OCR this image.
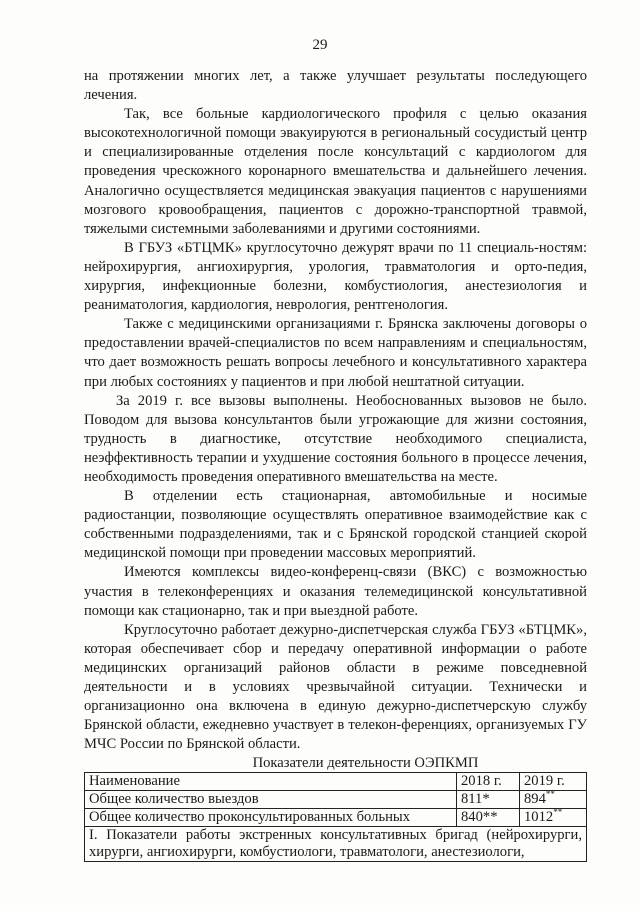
29

на протяжении многих лет, а также улучшает результаты последующего лечения.

Так, все больные кардиологического профиля с целью оказания высокотехнологичной помощи эвакуируются в региональный сосудистый центр и специализированные отделения после консультаций с кардиологом для проведения чрескожного коронарного вмешательства и дальнейшего лечения. Аналогично осуществляется медицинская эвакуация пациентов с нарушениями мозгового кровообращения, пациентов с дорожно-транспортной травмой, тяжелыми системными заболеваниями и другими состояниями.

В ГБУЗ «БТЦМК» круглосуточно дежурят врачи по 11 специаль-ностям: нейрохирургия, ангиохирургия, урология, травматология и орто-педия, хирургия, инфекционные болезни, комбустиология, анестезиология и реаниматология, кардиология, неврология, рентгенология.

Также с медицинскими организациями г. Брянска заключены договоры о предоставлении врачей-специалистов по всем направлениям и специальностям, что дает возможность решать вопросы лечебного и консультативного характера при любых состояниях у пациентов и при любой нештатной ситуации.

За 2019 г. все вызовы выполнены. Необоснованных вызовов не было. Поводом для вызова консультантов были угрожающие для жизни состояния, трудность в диагностике, отсутствие необходимого специалиста, неэффективность терапии и ухудшение состояния больного в процессе лечения, необходимость проведения оперативного вмешательства на месте.

В отделении есть стационарная, автомобильные и носимые радиостанции, позволяющие осуществлять оперативное взаимодействие как с собственными подразделениями, так и с Брянской городской станцией скорой медицинской помощи при проведении массовых мероприятий.

Имеются комплексы видео-конференц-связи (ВКС) с возможностью участия в телеконференциях и оказания телемедицинской консультативной помощи как стационарно, так и при выездной работе.

Круглосуточно работает дежурно-диспетчерская служба ГБУЗ «БТЦМК», которая обеспечивает сбор и передачу оперативной информации о работе медицинских организаций районов области в режиме повседневной деятельности и в условиях чрезвычайной ситуации. Технически и организационно она включена в единую дежурно-диспетчерскую службу Брянской области, ежедневно участвует в телекон-ференциях, организуемых ГУ МЧС России по Брянской области.

Показатели деятельности ОЭПКМП
Наименование	2018 г.	2019 г.
Общее количество выездов	811*	894**
Общее количество проконсультированных больных	840**	1012**
I. Показатели работы экстренных консультативных бригад (нейрохирурги, хирурги, ангиохирурги, комбустиологи, травматологи, анестезиологи,		
